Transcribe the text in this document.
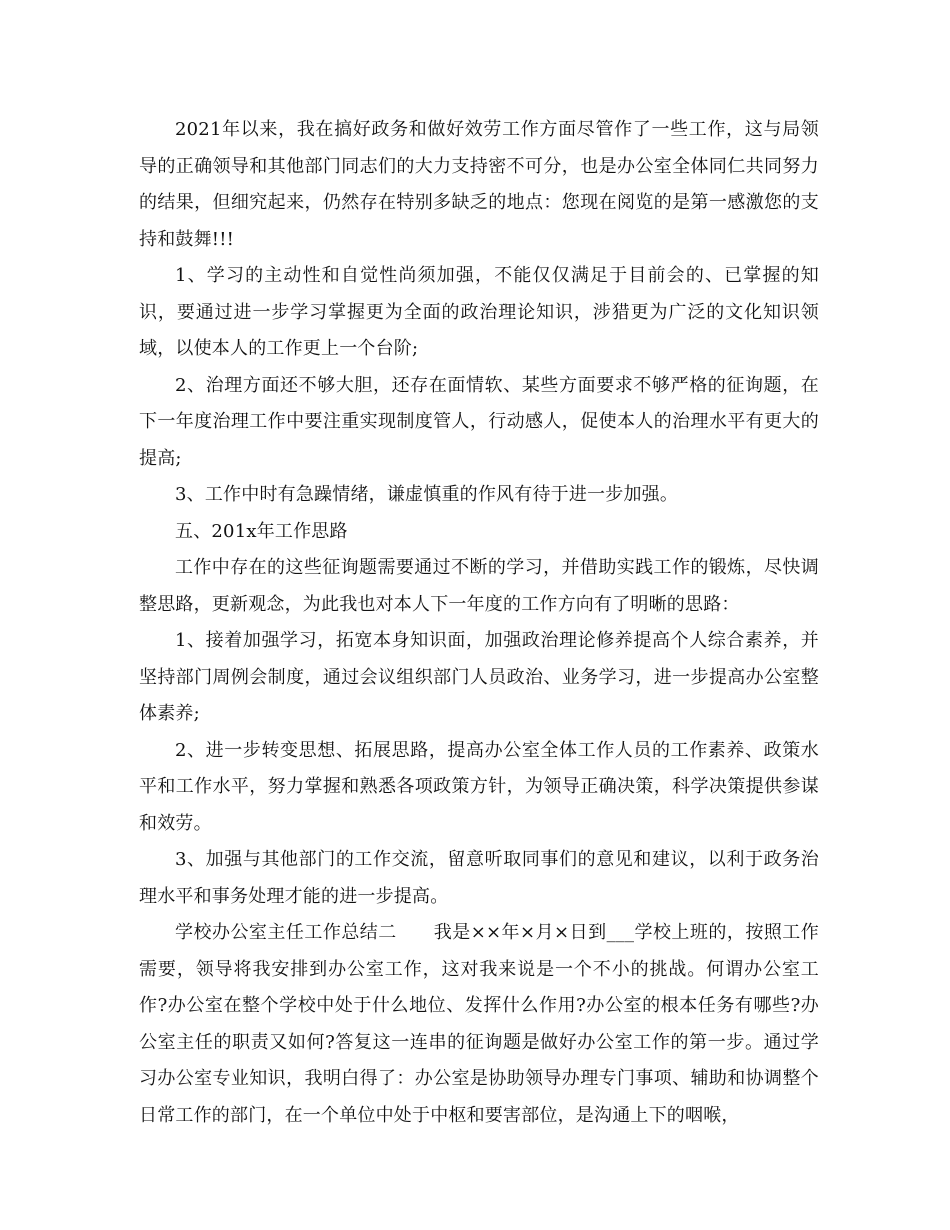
2021年以来，我在搞好政务和做好效劳工作方面尽管作了一些工作，这与局领导的正确领导和其他部门同志们的大力支持密不可分，也是办公室全体同仁共同努力的结果，但细究起来，仍然存在特别多缺乏的地点：您现在阅览的是第一感激您的支持和鼓舞!!!

1、学习的主动性和自觉性尚须加强，不能仅仅满足于目前会的、已掌握的知识，要通过进一步学习掌握更为全面的政治理论知识，涉猎更为广泛的文化知识领域，以使本人的工作更上一个台阶;

2、治理方面还不够大胆，还存在面情软、某些方面要求不够严格的征询题，在下一年度治理工作中要注重实现制度管人，行动感人，促使本人的治理水平有更大的提高;

3、工作中时有急躁情绪，谦虚慎重的作风有待于进一步加强。

五、201x年工作思路

工作中存在的这些征询题需要通过不断的学习，并借助实践工作的锻炼，尽快调整思路，更新观念，为此我也对本人下一年度的工作方向有了明晰的思路：

1、接着加强学习，拓宽本身知识面，加强政治理论修养提高个人综合素养，并坚持部门周例会制度，通过会议组织部门人员政治、业务学习，进一步提高办公室整体素养;

2、进一步转变思想、拓展思路，提高办公室全体工作人员的工作素养、政策水平和工作水平，努力掌握和熟悉各项政策方针，为领导正确决策，科学决策提供参谋和效劳。

3、加强与其他部门的工作交流，留意听取同事们的意见和建议，以利于政务治理水平和事务处理才能的进一步提高。

学校办公室主任工作总结二　　我是××年×月×日到___学校上班的，按照工作需要，领导将我安排到办公室工作，这对我来说是一个不小的挑战。何谓办公室工作?办公室在整个学校中处于什么地位、发挥什么作用?办公室的根本任务有哪些?办公室主任的职责又如何?答复这一连串的征询题是做好办公室工作的第一步。通过学习办公室专业知识，我明白得了：办公室是协助领导办理专门事项、辅助和协调整个日常工作的部门，在一个单位中处于中枢和要害部位，是沟通上下的咽喉，
